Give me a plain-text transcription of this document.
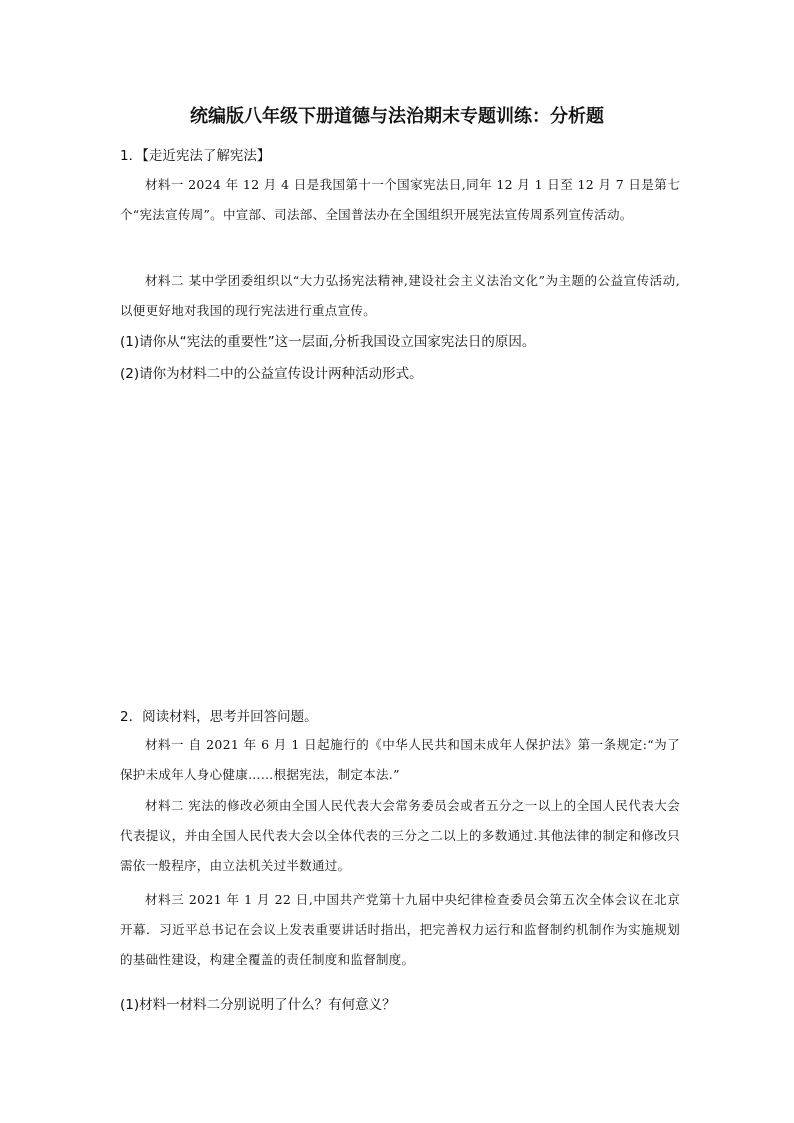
统编版八年级下册道德与法治期末专题训练：分析题
1．【走近宪法了解宪法】
材料一 2024 年 12 月 4 日是我国第十一个国家宪法日,同年 12 月 1 日至 12 月 7 日是第七个“宪法宣传周”。中宣部、司法部、全国普法办在全国组织开展宪法宣传周系列宣传活动。
材料二 某中学团委组织以“大力弘扬宪法精神,建设社会主义法治文化”为主题的公益宣传活动,以便更好地对我国的现行宪法进行重点宣传。
(1)请你从“宪法的重要性”这一层面,分析我国设立国家宪法日的原因。
(2)请你为材料二中的公益宣传设计两种活动形式。
2．阅读材料，思考并回答问题。
材料一 自 2021 年 6 月 1 日起施行的《中华人民共和国未成年人保护法》第一条规定:“为了保护未成年人身心健康……根据宪法，制定本法.”
材料二 宪法的修改必须由全国人民代表大会常务委员会或者五分之一以上的全国人民代表大会代表提议，并由全国人民代表大会以全体代表的三分之二以上的多数通过.其他法律的制定和修改只需依一般程序，由立法机关过半数通过。
材料三 2021 年 1 月 22 日,中国共产党第十九届中央纪律检查委员会第五次全体会议在北京开幕．习近平总书记在会议上发表重要讲话时指出，把完善权力运行和监督制约机制作为实施规划的基础性建设，构建全覆盖的责任制度和监督制度。
(1)材料一材料二分别说明了什么？有何意义？
